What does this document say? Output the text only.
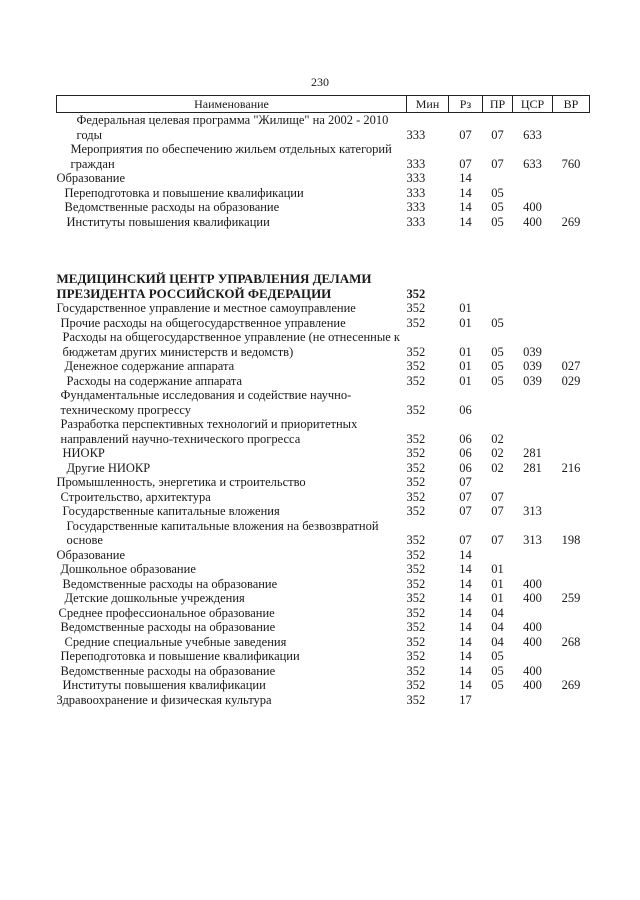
230
Наименование	Мин	Рз	ПР	ЦСР	ВР
Федеральная целевая программа "Жилище" на 2002 - 2010 годы	333	07	07	633	
Мероприятия по обеспечению жильем отдельных категорий граждан	333	07	07	633	760
Образование	333	14			
Переподготовка и повышение квалификации	333	14	05		
Ведомственные расходы на образование	333	14	05	400	
Институты повышения квалификации	333	14	05	400	269

МЕДИЦИНСКИЙ ЦЕНТР УПРАВЛЕНИЯ ДЕЛАМИ ПРЕЗИДЕНТА РОССИЙСКОЙ ФЕДЕРАЦИИ	352				
Государственное управление и местное самоуправление	352	01			
Прочие расходы на общегосударственное управление	352	01	05		
Расходы на общегосударственное управление (не отнесенные к бюджетам других министерств и ведомств)	352	01	05	039	
Денежное содержание аппарата	352	01	05	039	027
Расходы на содержание аппарата	352	01	05	039	029
Фундаментальные исследования и содействие научно-техническому прогрессу	352	06			
Разработка перспективных технологий и приоритетных направлений научно-технического прогресса	352	06	02		
НИОКР	352	06	02	281	
Другие НИОКР	352	06	02	281	216
Промышленность, энергетика и строительство	352	07			
Строительство, архитектура	352	07	07		
Государственные капитальные вложения	352	07	07	313	
Государственные капитальные вложения на безвозвратной основе	352	07	07	313	198
Образование	352	14			
Дошкольное образование	352	14	01		
Ведомственные расходы на образование	352	14	01	400	
Детские дошкольные учреждения	352	14	01	400	259
Среднее профессиональное образование	352	14	04		
Ведомственные расходы на образование	352	14	04	400	
Средние специальные учебные заведения	352	14	04	400	268
Переподготовка и повышение квалификации	352	14	05		
Ведомственные расходы на образование	352	14	05	400	
Институты повышения квалификации	352	14	05	400	269
Здравоохранение и физическая культура	352	17			
